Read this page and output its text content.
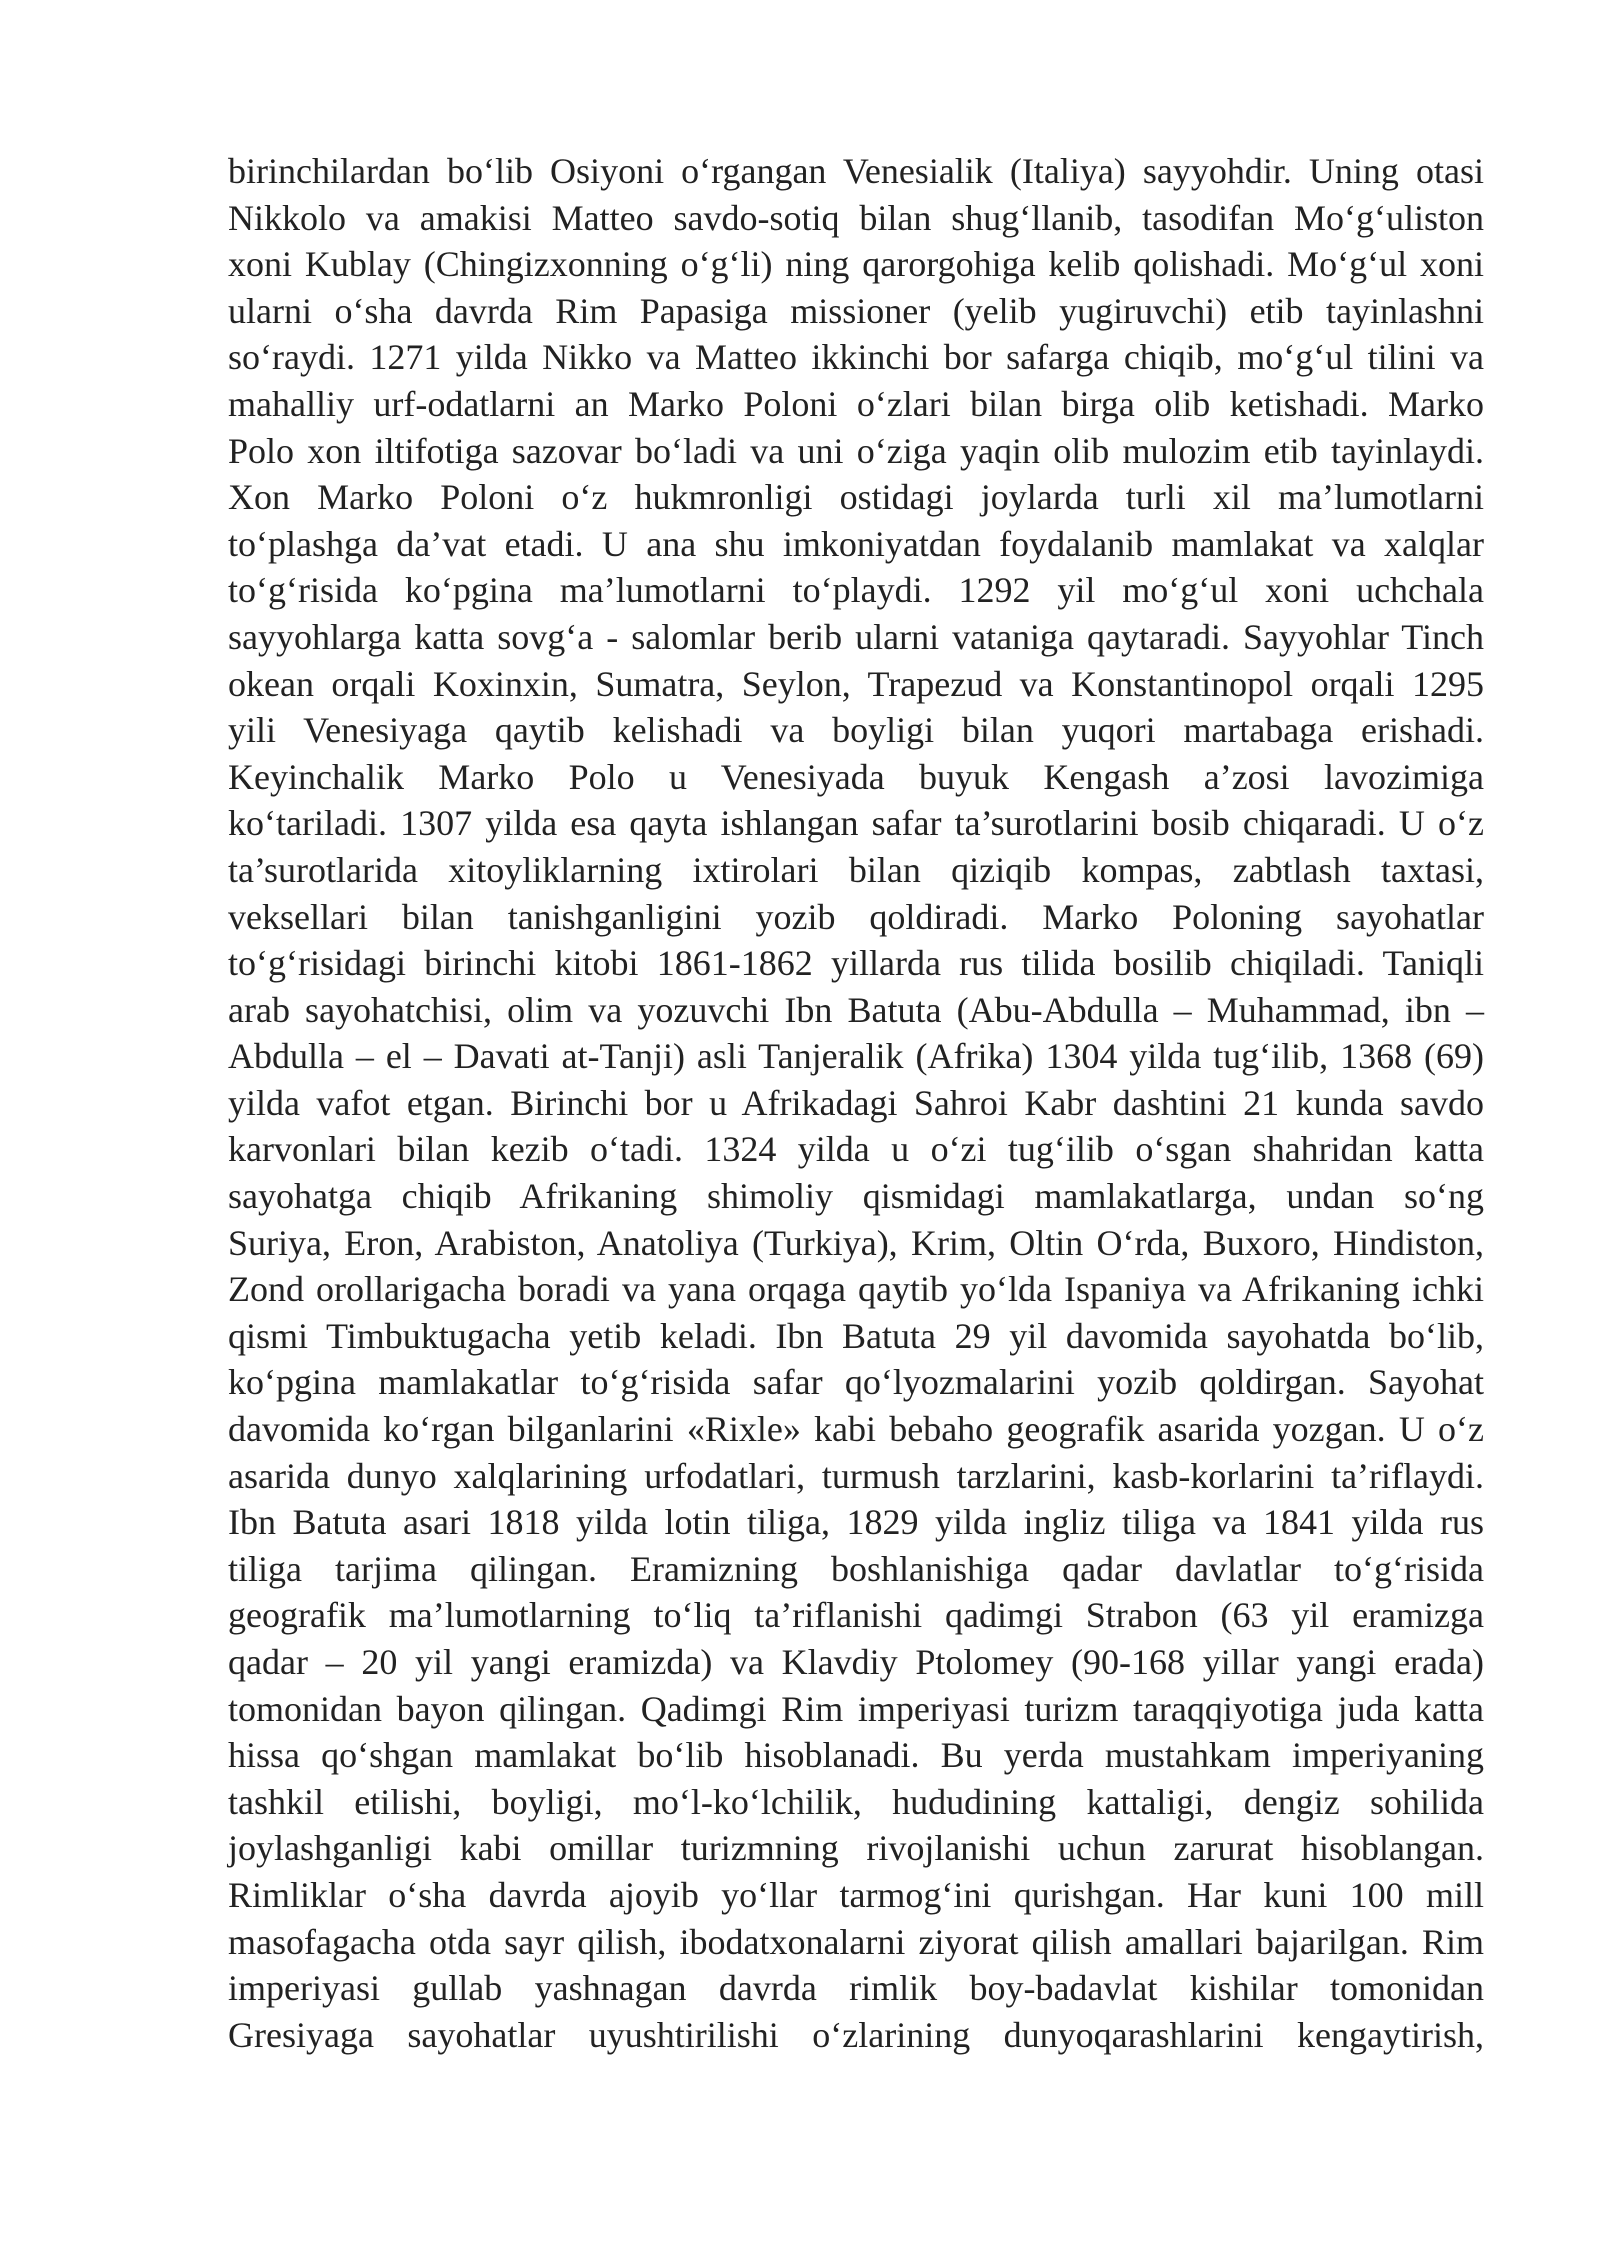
birinchilardan bo‘lib Osiyoni o‘rgangan Venesialik (Italiya) sayyohdir. Uning otasi
Nikkolo va amakisi Matteo savdo-sotiq bilan shug‘llanib, tasodifan Mo‘g‘uliston
xoni Kublay (Chingizxonning o‘g‘li) ning qarorgohiga kelib qolishadi. Mo‘g‘ul xoni
ularni o‘sha davrda Rim Papasiga missioner (yelib yugiruvchi) etib tayinlashni
so‘raydi. 1271 yilda Nikko va Matteo ikkinchi bor safarga chiqib, mo‘g‘ul tilini va
mahalliy urf-odatlarni an Marko Poloni o‘zlari bilan birga olib ketishadi. Marko
Polo xon iltifotiga sazovar bo‘ladi va uni o‘ziga yaqin olib mulozim etib tayinlaydi.
Xon Marko Poloni o‘z hukmronligi ostidagi joylarda turli xil ma’lumotlarni
to‘plashga da’vat etadi. U ana shu imkoniyatdan foydalanib mamlakat va xalqlar
to‘g‘risida ko‘pgina ma’lumotlarni to‘playdi. 1292 yil mo‘g‘ul xoni uchchala
sayyohlarga katta sovg‘a - salomlar berib ularni vataniga qaytaradi. Sayyohlar Tinch
okean orqali Koxinxin, Sumatra, Seylon, Trapezud va Konstantinopol orqali 1295
yili Venesiyaga qaytib kelishadi va boyligi bilan yuqori martabaga erishadi.
Keyinchalik Marko Polo u Venesiyada buyuk Kengash a’zosi lavozimiga
ko‘tariladi. 1307 yilda esa qayta ishlangan safar ta’surotlarini bosib chiqaradi. U o‘z
ta’surotlarida xitoyliklarning ixtirolari bilan qiziqib kompas, zabtlash taxtasi,
veksellari bilan tanishganligini yozib qoldiradi. Marko Poloning sayohatlar
to‘g‘risidagi birinchi kitobi 1861-1862 yillarda rus tilida bosilib chiqiladi. Taniqli
arab sayohatchisi, olim va yozuvchi Ibn Batuta (Abu-Abdulla – Muhammad, ibn –
Abdulla – el – Davati at-Tanji) asli Tanjeralik (Afrika) 1304 yilda tug‘ilib, 1368 (69)
yilda vafot etgan. Birinchi bor u Afrikadagi Sahroi Kabr dashtini 21 kunda savdo
karvonlari bilan kezib o‘tadi. 1324 yilda u o‘zi tug‘ilib o‘sgan shahridan katta
sayohatga chiqib Afrikaning shimoliy qismidagi mamlakatlarga, undan so‘ng
Suriya, Eron, Arabiston, Anatoliya (Turkiya), Krim, Oltin O‘rda, Buxoro, Hindiston,
Zond orollarigacha boradi va yana orqaga qaytib yo‘lda Ispaniya va Afrikaning ichki
qismi Timbuktugacha yetib keladi. Ibn Batuta 29 yil davomida sayohatda bo‘lib,
ko‘pgina mamlakatlar to‘g‘risida safar qo‘lyozmalarini yozib qoldirgan. Sayohat
davomida ko‘rgan bilganlarini «Rixle» kabi bebaho geografik asarida yozgan. U o‘z
asarida dunyo xalqlarining urfodatlari, turmush tarzlarini, kasb-korlarini ta’riflaydi.
Ibn Batuta asari 1818 yilda lotin tiliga, 1829 yilda ingliz tiliga va 1841 yilda rus
tiliga tarjima qilingan. Eramizning boshlanishiga qadar davlatlar to‘g‘risida
geografik ma’lumotlarning to‘liq ta’riflanishi qadimgi Strabon (63 yil eramizga
qadar – 20 yil yangi eramizda) va Klavdiy Ptolomey (90-168 yillar yangi erada)
tomonidan bayon qilingan. Qadimgi Rim imperiyasi turizm taraqqiyotiga juda katta
hissa qo‘shgan mamlakat bo‘lib hisoblanadi. Bu yerda mustahkam imperiyaning
tashkil etilishi, boyligi, mo‘l-ko‘lchilik, hududining kattaligi, dengiz sohilida
joylashganligi kabi omillar turizmning rivojlanishi uchun zarurat hisoblangan.
Rimliklar o‘sha davrda ajoyib yo‘llar tarmog‘ini qurishgan. Har kuni 100 mill
masofagacha otda sayr qilish, ibodatxonalarni ziyorat qilish amallari bajarilgan. Rim
imperiyasi gullab yashnagan davrda rimlik boy-badavlat kishilar tomonidan
Gresiyaga sayohatlar uyushtirilishi o‘zlarining dunyoqarashlarini kengaytirish,
